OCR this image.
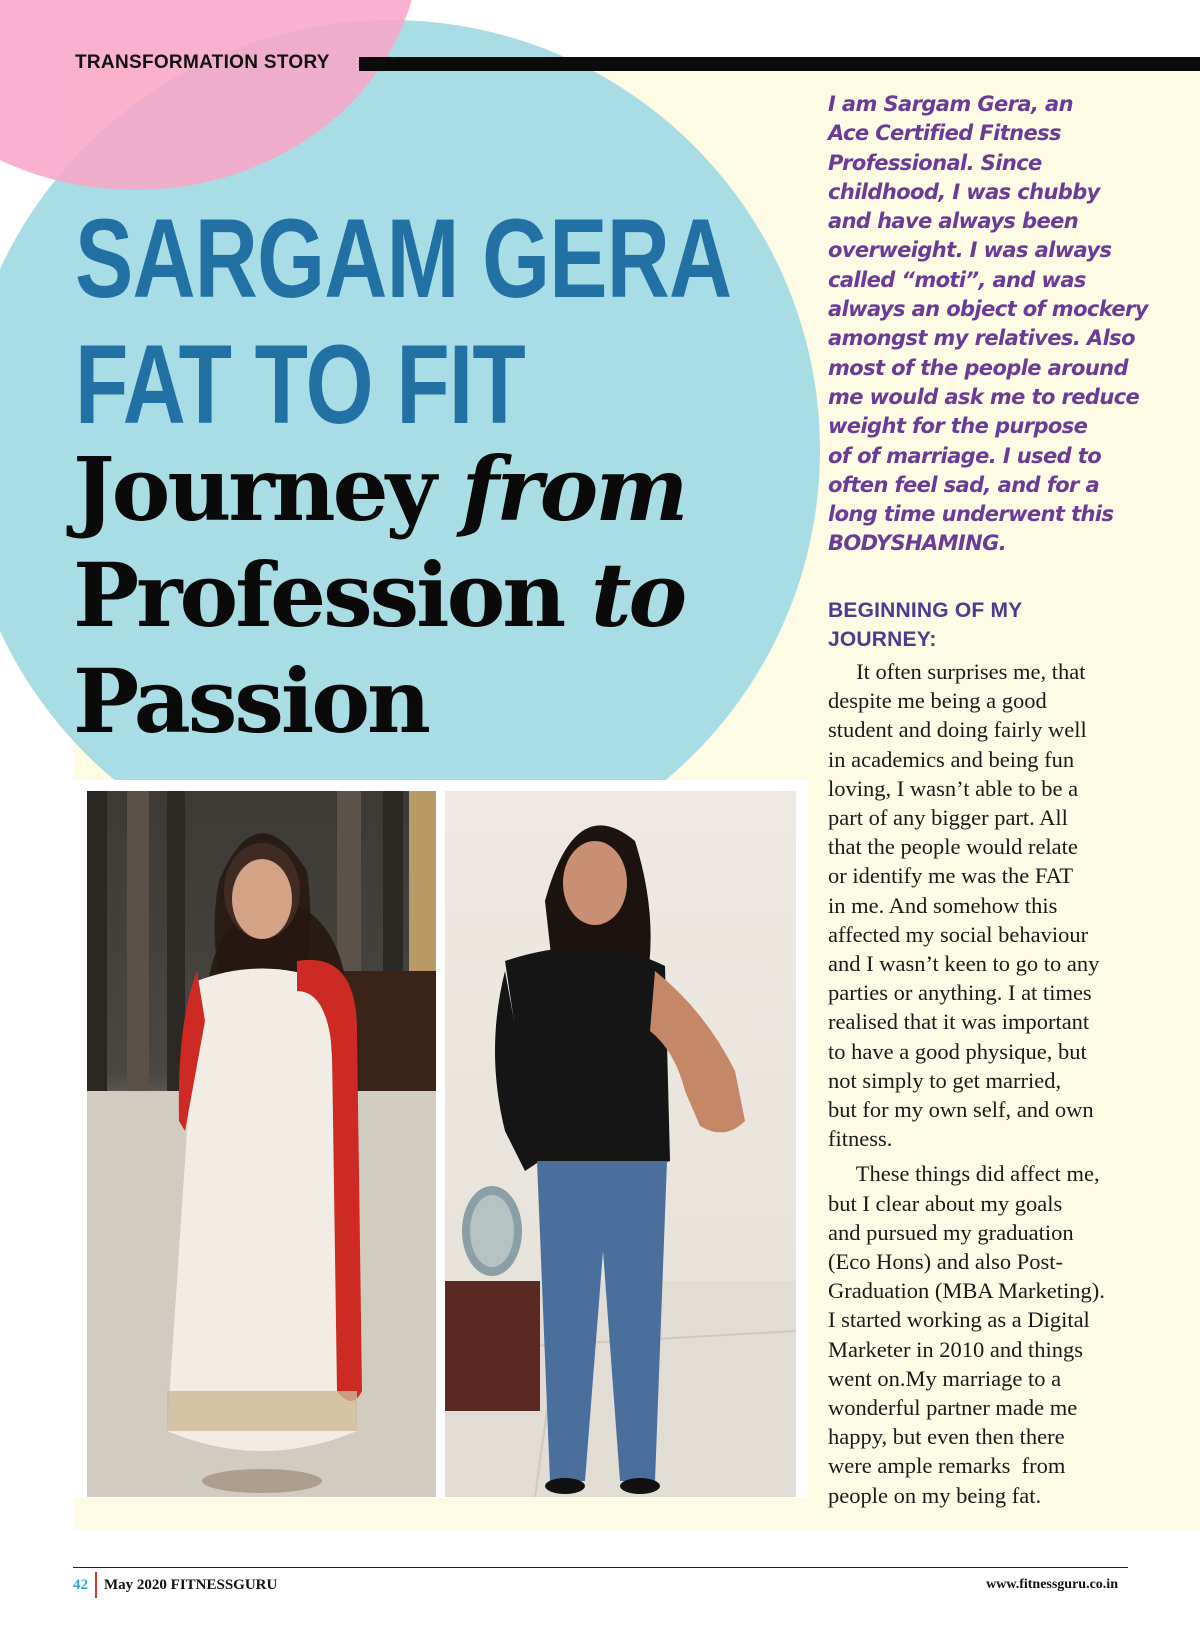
TRANSFORMATION STORY
SARGAM GERA
FAT TO FIT
Journey from
Profession to
Passion
I am Sargam Gera, an
Ace Certified Fitness
Professional. Since
childhood, I was chubby
and have always been
overweight. I was always
called “moti”, and was
always an object of mockery
amongst my relatives. Also
most of the people around
me would ask me to reduce
weight for the purpose
of of marriage. I used to
often feel sad, and for a
long time underwent this
BODYSHAMING.
BEGINNING OF MY
JOURNEY:
It often surprises me, that
despite me being a good
student and doing fairly well
in academics and being fun
loving, I wasn’t able to be a
part of any bigger part. All
that the people would relate
or identify me was the FAT
in me. And somehow this
affected my social behaviour
and I wasn’t keen to go to any
parties or anything. I at times
realised that it was important
to have a good physique, but
not simply to get married,
but for my own self, and own
fitness.
These things did affect me,
but I clear about my goals
and pursued my graduation
(Eco Hons) and also Post-
Graduation (MBA Marketing).
I started working as a Digital
Marketer in 2010 and things
went on.My marriage to a
wonderful partner made me
happy, but even then there
were ample remarks  from
people on my being fat.
42 May 2020 FITNESSGURU	www.fitnessguru.co.in
